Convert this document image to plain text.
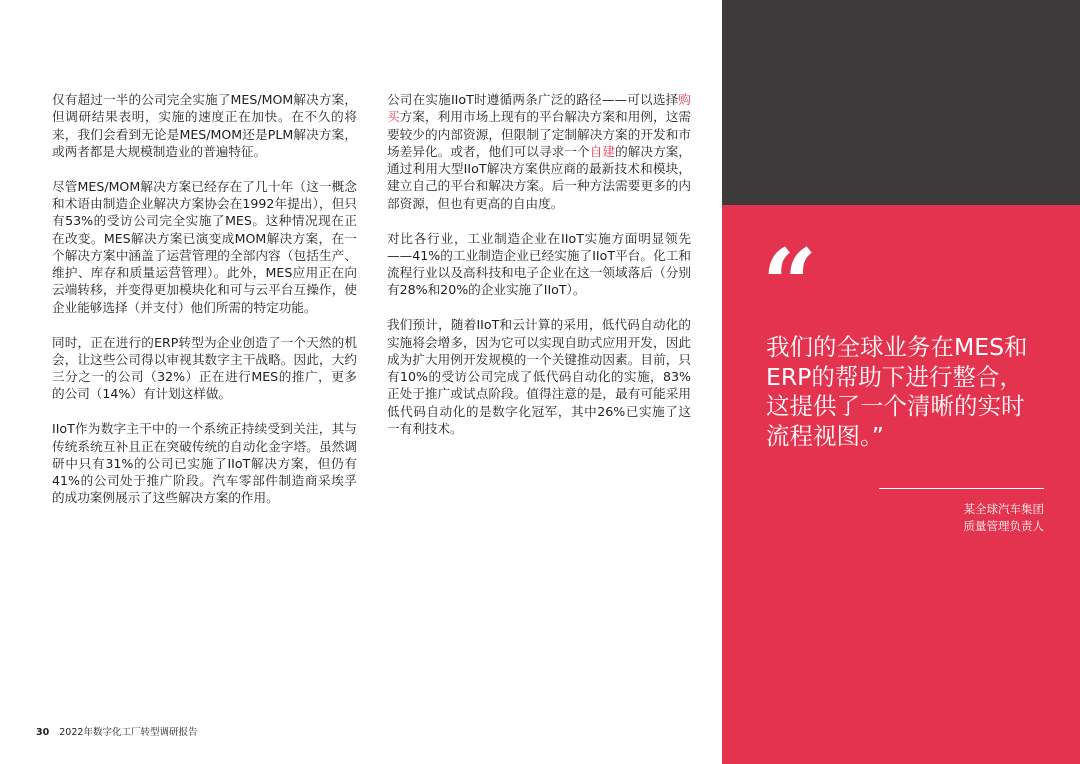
仅有超过一半的公司完全实施了MES/MOM解决方案，但调研结果表明，实施的速度正在加快。在不久的将来，我们会看到无论是MES/MOM还是PLM解决方案，或两者都是大规模制造业的普遍特征。

尽管MES/MOM解决方案已经存在了几十年（这一概念和术语由制造企业解决方案协会在1992年提出），但只有53%的受访公司完全实施了MES。这种情况现在正在改变。MES解决方案已演变成MOM解决方案，在一个解决方案中涵盖了运营管理的全部内容（包括生产、维护、库存和质量运营管理）。此外，MES应用正在向云端转移，并变得更加模块化和可与云平台互操作，使企业能够选择（并支付）他们所需的特定功能。

同时，正在进行的ERP转型为企业创造了一个天然的机会，让这些公司得以审视其数字主干战略。因此，大约三分之一的公司（32%）正在进行MES的推广，更多的公司（14%）有计划这样做。

IIoT作为数字主干中的一个系统正持续受到关注，其与传统系统互补且正在突破传统的自动化金字塔。虽然调研中只有31%的公司已实施了IIoT解决方案，但仍有41%的公司处于推广阶段。汽车零部件制造商采埃孚的成功案例展示了这些解决方案的作用。

公司在实施IIoT时遵循两条广泛的路径——可以选择购买方案，利用市场上现有的平台解决方案和用例，这需要较少的内部资源，但限制了定制解决方案的开发和市场差异化。或者，他们可以寻求一个自建的解决方案，通过利用大型IIoT解决方案供应商的最新技术和模块，建立自己的平台和解决方案。后一种方法需要更多的内部资源，但也有更高的自由度。

对比各行业，工业制造企业在IIoT实施方面明显领先——41%的工业制造企业已经实施了IIoT平台。化工和流程行业以及高科技和电子企业在这一领域落后（分别有28%和20%的企业实施了IIoT）。

我们预计，随着IIoT和云计算的采用，低代码自动化的实施将会增多，因为它可以实现自助式应用开发，因此成为扩大用例开发规模的一个关键推动因素。目前，只有10%的受访公司完成了低代码自动化的实施，83%正处于推广或试点阶段。值得注意的是，最有可能采用低代码自动化的是数字化冠军，其中26%已实施了这一有利技术。

30 2022年数字化工厂转型调研报告
“
我们的全球业务在MES和ERP的帮助下进行整合，这提供了一个清晰的实时流程视图。”
某全球汽车集团
质量管理负责人
